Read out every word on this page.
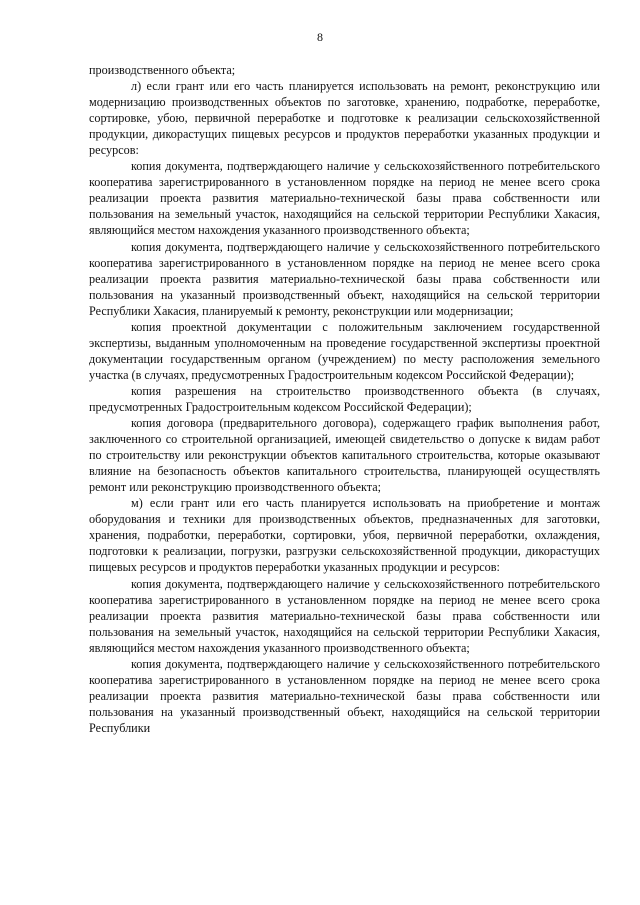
8

производственного объекта;

л) если грант или его часть планируется использовать на ремонт, реконструкцию или модернизацию производственных объектов по заготовке, хранению, подработке, переработке, сортировке, убою, первичной переработке и подготовке к реализации сельскохозяйственной продукции, дикорастущих пищевых ресурсов и продуктов переработки указанных продукции и ресурсов:

копия документа, подтверждающего наличие у сельскохозяйственного потребительского кооператива зарегистрированного в установленном порядке на период не менее всего срока реализации проекта развития материально-технической базы права собственности или пользования на земельный участок, находящийся на сельской территории Республики Хакасия, являющийся местом нахождения указанного производственного объекта;

копия документа, подтверждающего наличие у сельскохозяйственного потребительского кооператива зарегистрированного в установленном порядке на период не менее всего срока реализации проекта развития материально-технической базы права собственности или пользования на указанный производственный объект, находящийся на сельской территории Республики Хакасия, планируемый к ремонту, реконструкции или модернизации;

копия проектной документации с положительным заключением государственной экспертизы, выданным уполномоченным на проведение государственной экспертизы проектной документации государственным органом (учреждением) по месту расположения земельного участка (в случаях, предусмотренных Градостроительным кодексом Российской Федерации);

копия разрешения на строительство производственного объекта (в случаях, предусмотренных Градостроительным кодексом Российской Федерации);

копия договора (предварительного договора), содержащего график выполнения работ, заключенного со строительной организацией, имеющей свидетельство о допуске к видам работ по строительству или реконструкции объектов капитального строительства, которые оказывают влияние на безопасность объектов капитального строительства, планирующей осуществлять ремонт или реконструкцию производственного объекта;

м) если грант или его часть планируется использовать на приобретение и монтаж оборудования и техники для производственных объектов, предназначенных для заготовки, хранения, подработки, переработки, сортировки, убоя, первичной переработки, охлаждения, подготовки к реализации, погрузки, разгрузки сельскохозяйственной продукции, дикорастущих пищевых ресурсов и продуктов переработки указанных продукции и ресурсов:

копия документа, подтверждающего наличие у сельскохозяйственного потребительского кооператива зарегистрированного в установленном порядке на период не менее всего срока реализации проекта развития материально-технической базы права собственности или пользования на земельный участок, находящийся на сельской территории Республики Хакасия, являющийся местом нахождения указанного производственного объекта;

копия документа, подтверждающего наличие у сельскохозяйственного потребительского кооператива зарегистрированного в установленном порядке на период не менее всего срока реализации проекта развития материально-технической базы права собственности или пользования на указанный производственный объект, находящийся на сельской территории Республики
